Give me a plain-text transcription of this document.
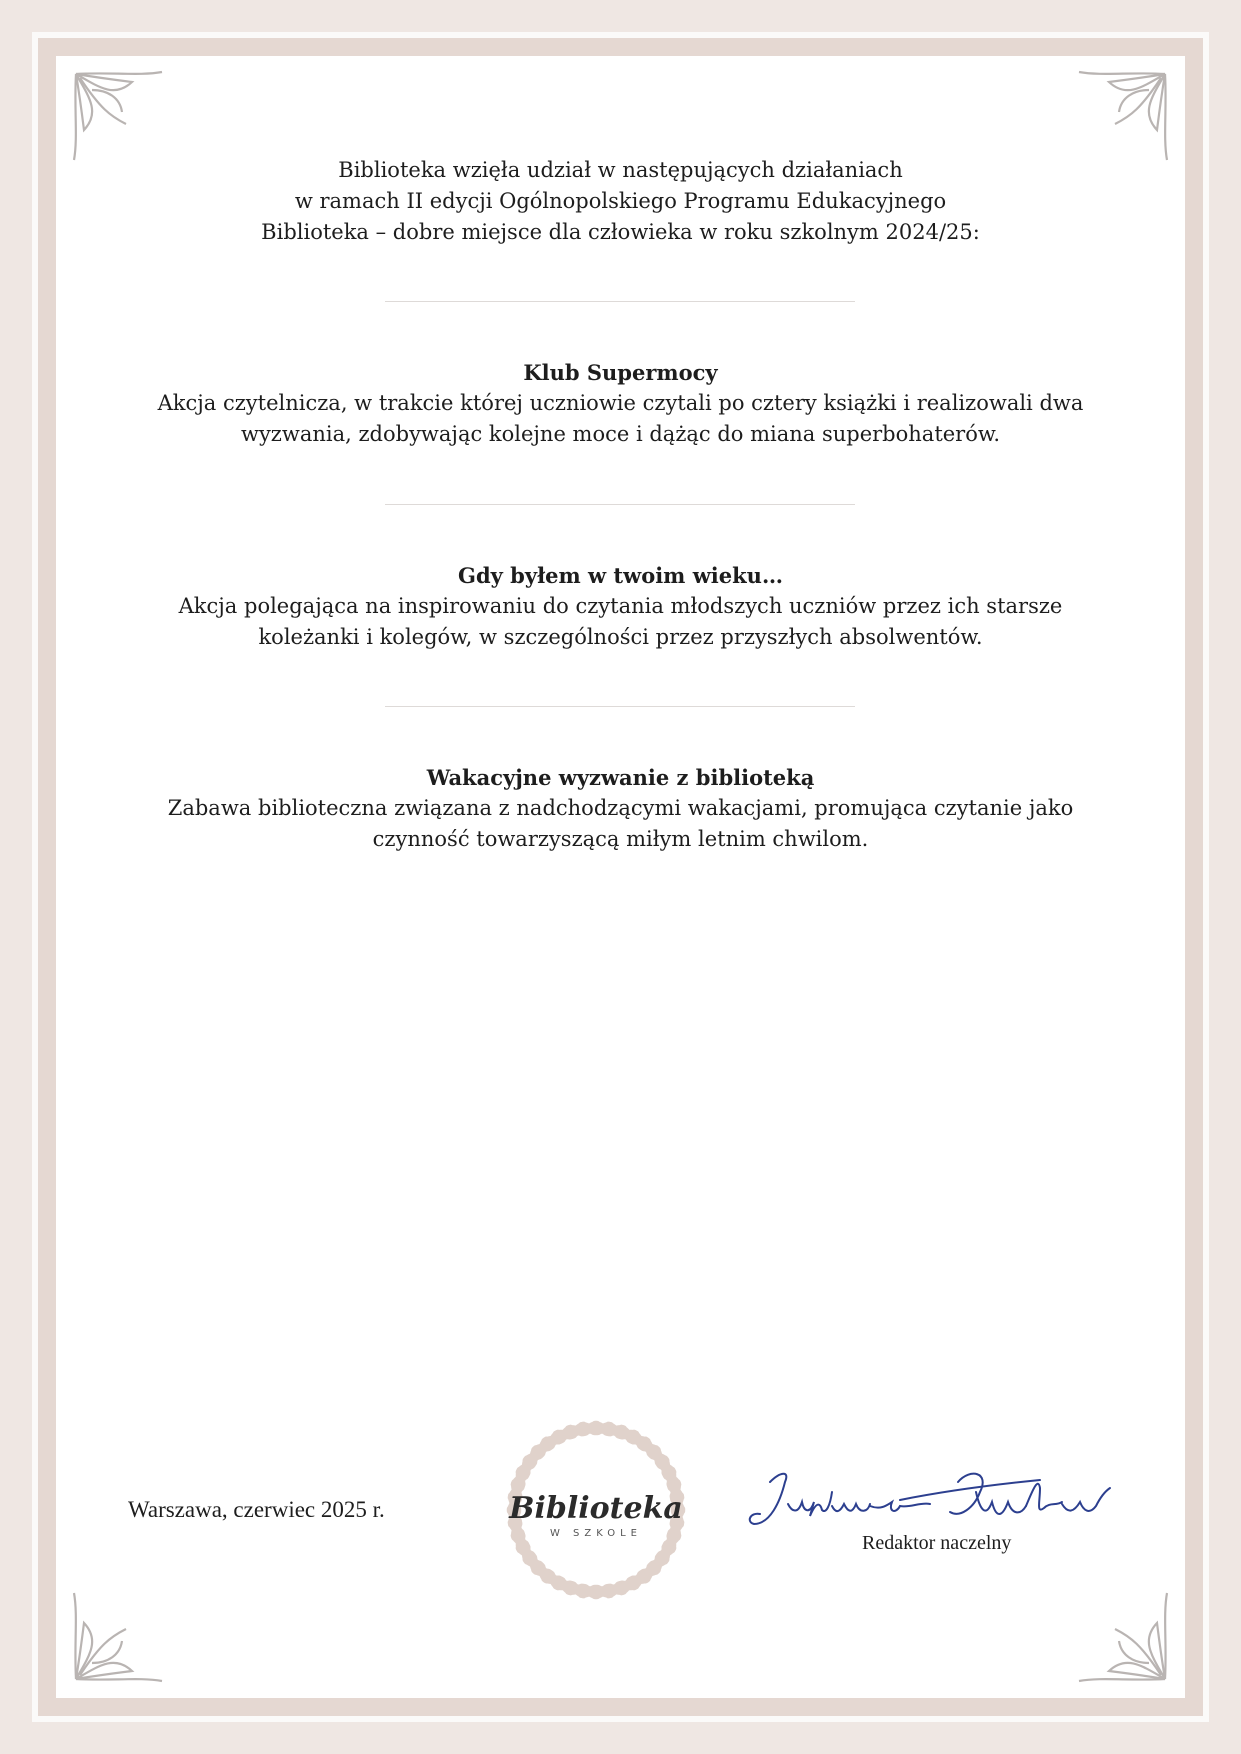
Biblioteka wzięła udział w następujących działaniach
w ramach II edycji Ogólnopolskiego Programu Edukacyjnego
Biblioteka – dobre miejsce dla człowieka w roku szkolnym 2024/25:
Klub Supermocy
Akcja czytelnicza, w trakcie której uczniowie czytali po cztery książki i realizowali dwa
wyzwania, zdobywając kolejne moce i dążąc do miana superbohaterów.
Gdy byłem w twoim wieku…
Akcja polegająca na inspirowaniu do czytania młodszych uczniów przez ich starsze
koleżanki i kolegów, w szczególności przez przyszłych absolwentów.
Wakacyjne wyzwanie z biblioteką
Zabawa biblioteczna związana z nadchodzącymi wakacjami, promująca czytanie jako
czynność towarzyszącą miłym letnim chwilom.
Warszawa, czerwiec 2025 r.	Biblioteka
W SZKOLE	Redaktor naczelny
